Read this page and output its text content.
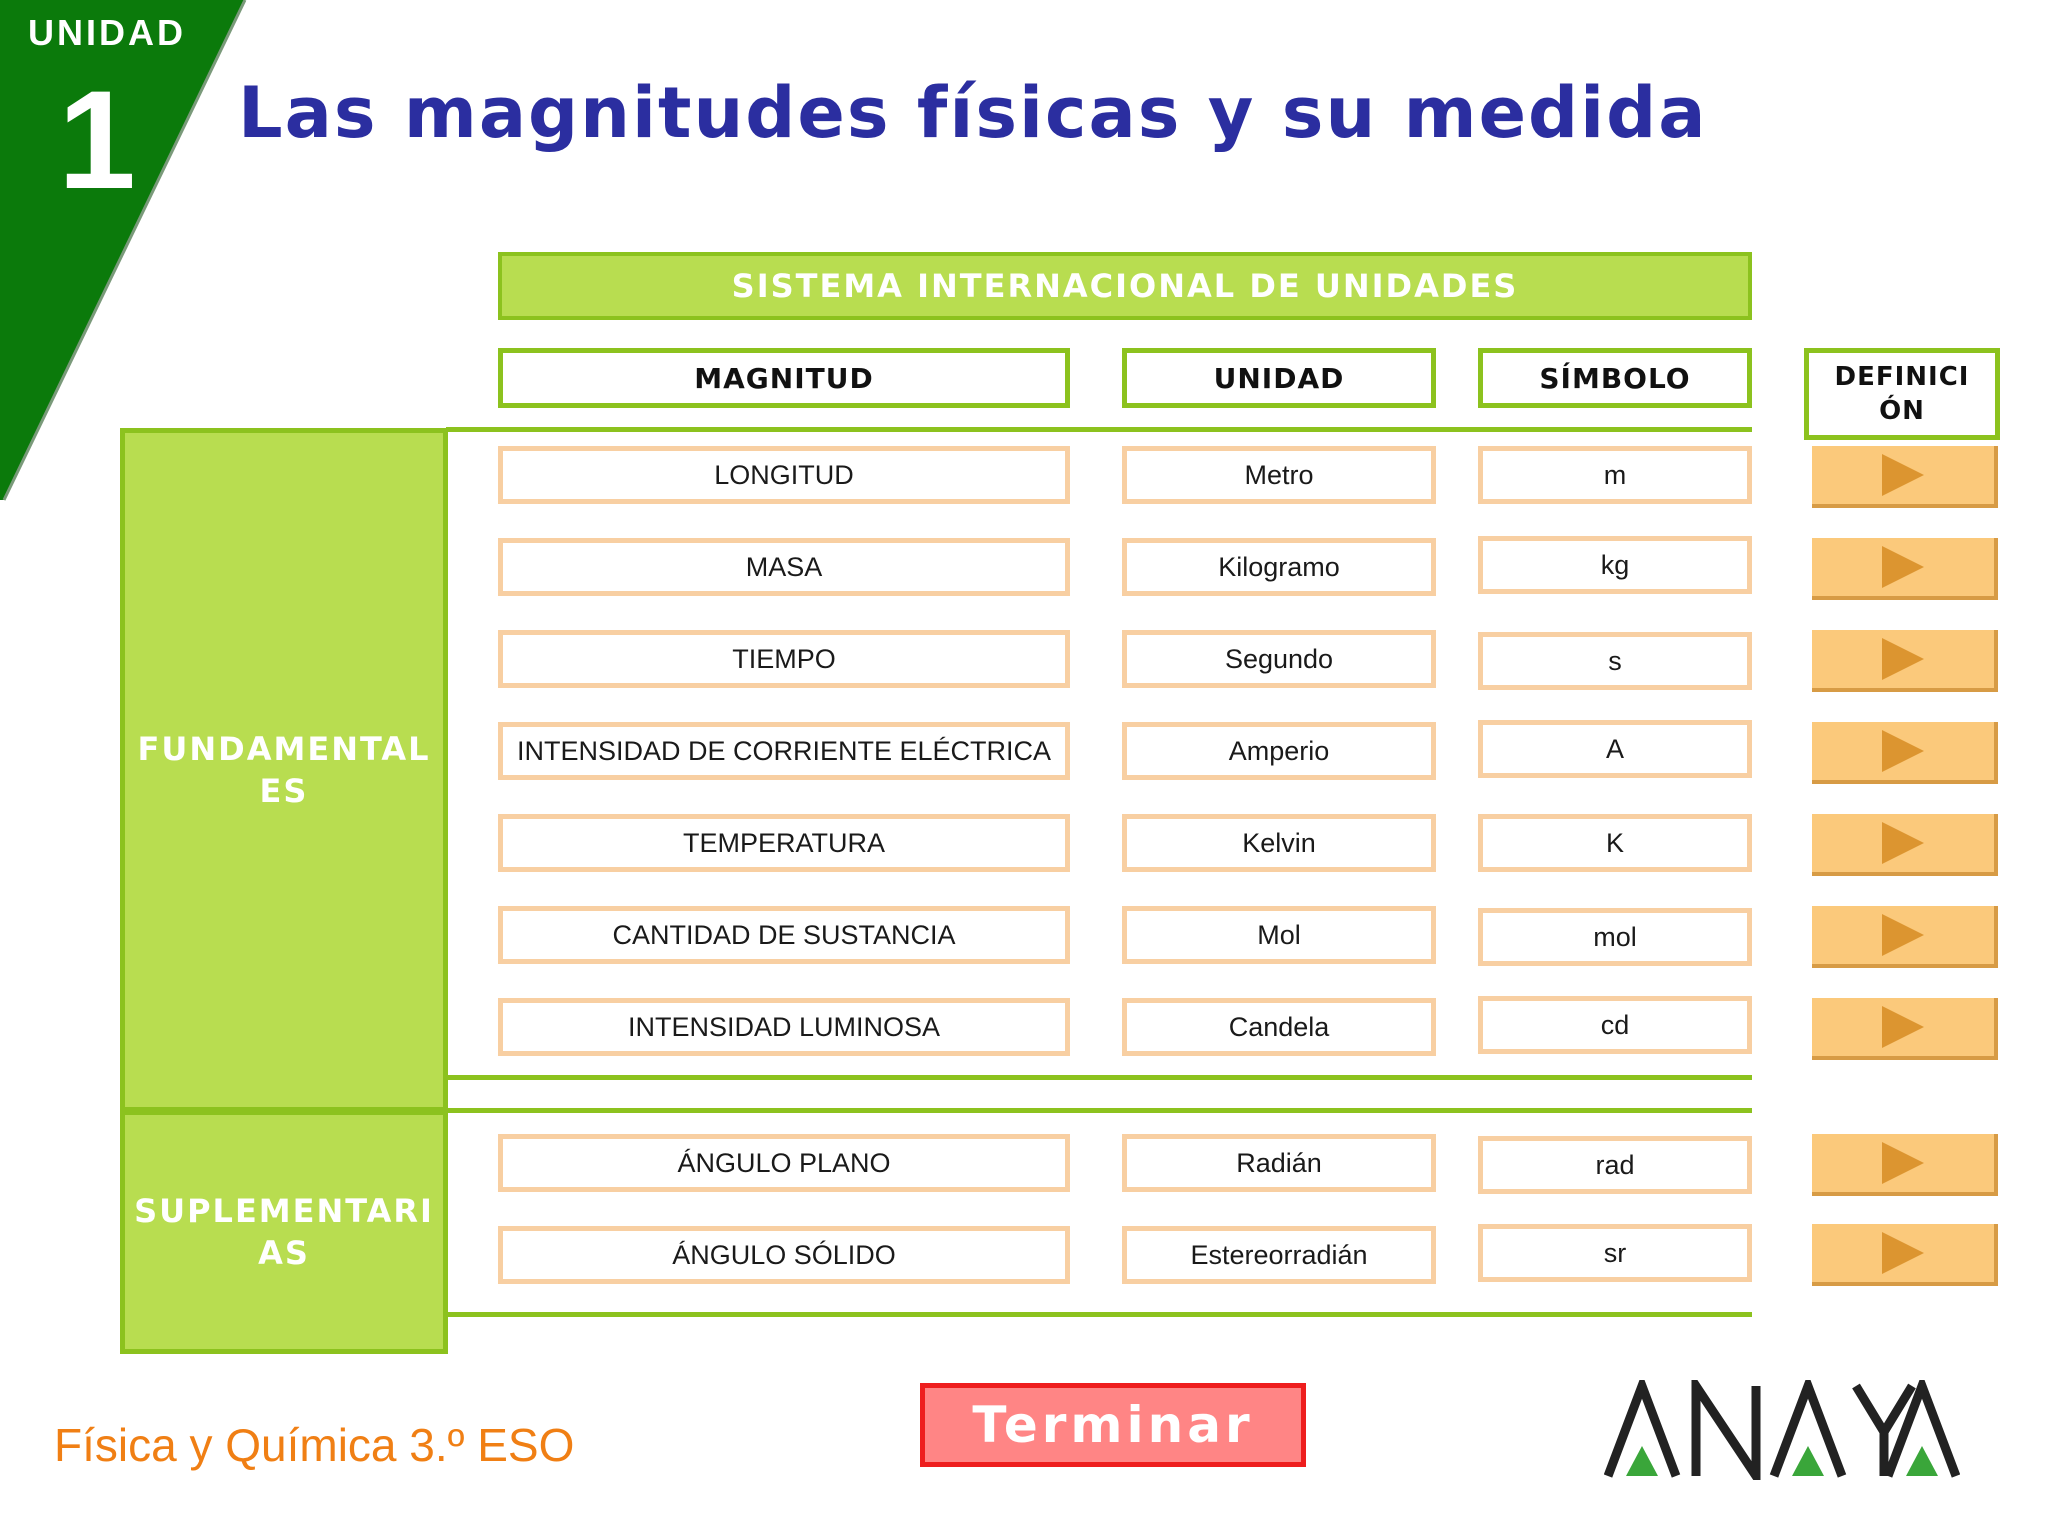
UNIDAD
1 Las magnitudes físicas y su medida
SISTEMA INTERNACIONAL DE UNIDADES
MAGNITUD	UNIDAD	SÍMBOLO	DEFINICI
ÓN
FUNDAMENTAL
ES
SUPLEMENTARI
AS
LONGITUD	Metro	m
MASA	Kilogramo	kg
TIEMPO	Segundo	s
INTENSIDAD DE CORRIENTE ELÉCTRICA	Amperio	A
TEMPERATURA	Kelvin	K
CANTIDAD DE SUSTANCIA	Mol	mol
INTENSIDAD LUMINOSA	Candela	cd
ÁNGULO PLANO	Radián	rad
ÁNGULO SÓLIDO	Estereorradián	sr
Física y Química 3.º ESO	Terminar
